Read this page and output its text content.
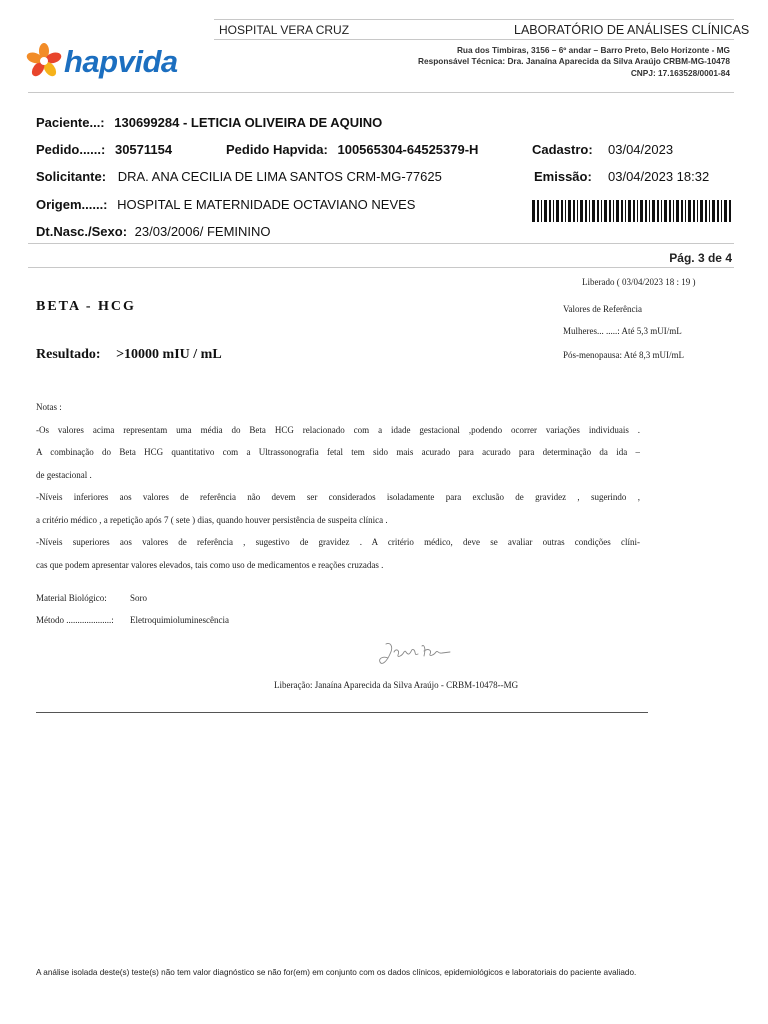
HOSPITAL VERA CRUZ	LABORATÓRIO DE ANÁLISES CLÍNICAS
hapvida	Rua dos Timbiras, 3156 – 6º andar – Barro Preto, Belo Horizonte - MG
Responsável Técnica: Dra. Janaína Aparecida da Silva Araújo CRBM-MG-10478
CNPJ: 17.163528/0001-84
Paciente...: 130699284 - LETICIA OLIVEIRA DE AQUINO
Pedido......: 30571154	Pedido Hapvida: 100565304-64525379-H	Cadastro: 03/04/2023
Solicitante: DRA. ANA CECILIA DE LIMA SANTOS CRM-MG-77625	Emissão: 03/04/2023 18:32
Origem......: HOSPITAL E MATERNIDADE OCTAVIANO NEVES
Dt.Nasc./Sexo: 23/03/2006/ FEMININO
Pág. 3 de 4
Liberado ( 03/04/2023 18 : 19 )
BETA - HCG	Valores de Referência
Mulheres... .....: Até 5,3 mUI/mL
Resultado: >10000 mIU / mL	Pós-menopausa: Até 8,3 mUI/mL
Notas :
-Os valores acima representam uma média do Beta HCG relacionado com a idade gestacional ,podendo ocorrer variações individuais .
A combinação do Beta HCG quantitativo com a Ultrassonografia fetal tem sido mais acurado para acurado para determinação da ida –
de gestacional .
-Níveis inferiores aos valores de referência não devem ser considerados isoladamente para exclusão de gravidez , sugerindo ,
a critério médico , a repetição após 7 ( sete ) dias, quando houver persistência de suspeita clínica .
-Níveis superiores aos valores de referência , sugestivo de gravidez . A critério médico, deve se avaliar outras condições clíni-
cas que podem apresentar valores elevados, tais como uso de medicamentos e reações cruzadas .
Material Biológico:	Soro
Método ....................: Eletroquimioluminescência
Liberação: Janaína Aparecida da Silva Araújo - CRBM-10478--MG
A análise isolada deste(s) teste(s) não tem valor diagnóstico se não for(em) em conjunto com os dados clínicos, epidemiológicos e laboratoriais do paciente avaliado.
